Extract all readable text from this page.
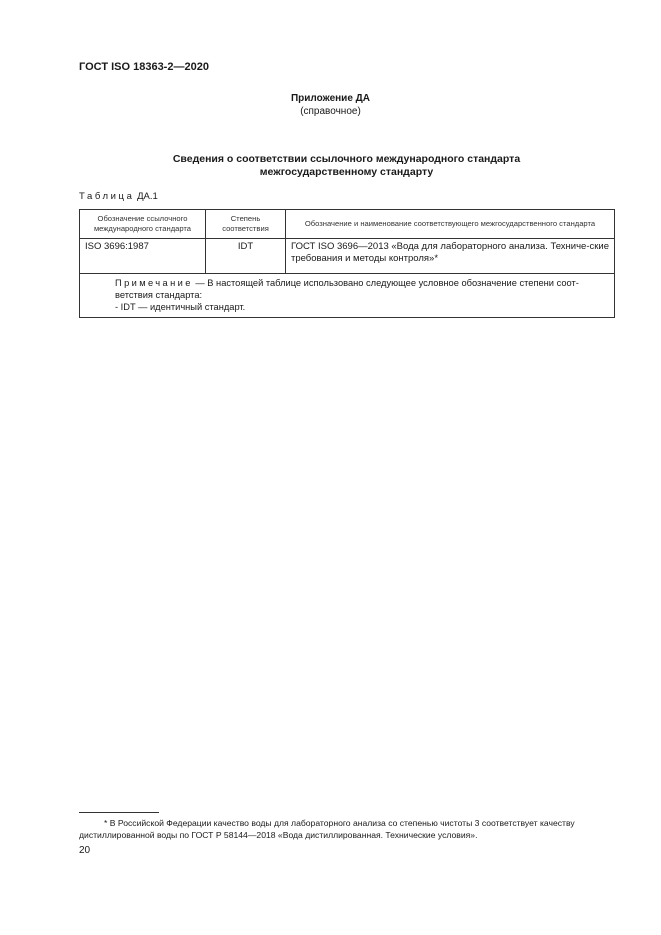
ГОСТ ISO 18363-2—2020
Приложение ДА
(справочное)
Сведения о соответствии ссылочного международного стандарта
межгосударственному стандарту
Таблица ДА.1
Обозначение ссылочного международного стандарта	Степень соответствия	Обозначение и наименование соответствующего межгосударственного стандарта
ISO 3696:1987	IDT	ГОСТ ISO 3696—2013 «Вода для лабораторного анализа. Техниче-ские требования и методы контроля»*

Примечание — В настоящей таблице использовано следующее условное обозначение степени соот-ветствия стандарта:
- IDT — идентичный стандарт.		
* В Российской Федерации качество воды для лабораторного анализа со степенью чистоты 3 соответствует качеству дистиллированной воды по ГОСТ Р 58144—2018 «Вода дистиллированная. Технические условия».
20
